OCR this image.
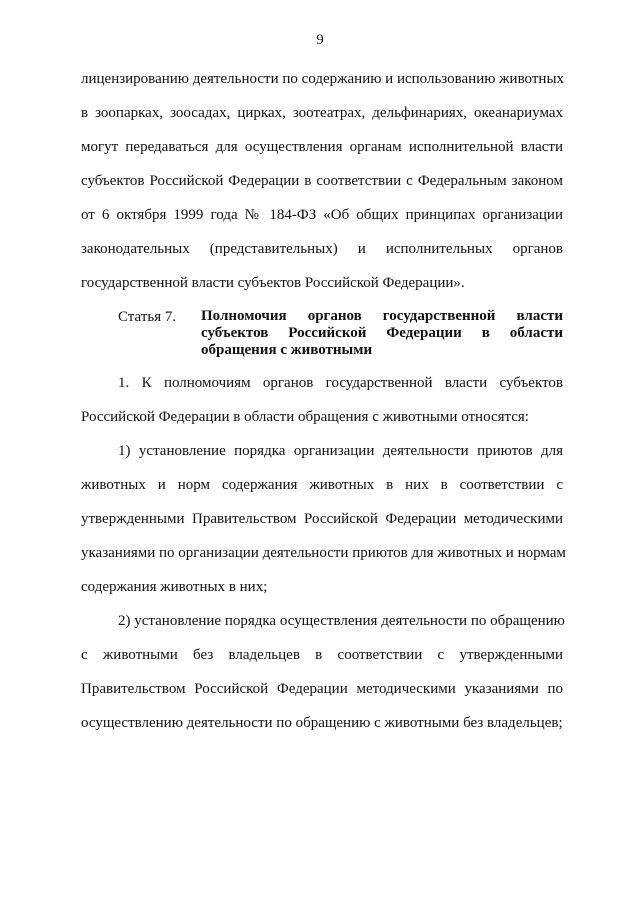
9
лицензированию деятельности по содержанию и использованию животных
в зоопарках, зоосадах, цирках, зоотеатрах, дельфинариях, океанариумах
могут передаваться для осуществления органам исполнительной власти
субъектов Российской Федерации в соответствии с Федеральным законом
от 6 октября 1999 года № 184-ФЗ «Об общих принципах организации
законодательных (представительных) и исполнительных органов
государственной власти субъектов Российской Федерации».
Статья 7. Полномочия органов государственной власти
субъектов Российской Федерации в области
обращения с животными
1. К полномочиям органов государственной власти субъектов
Российской Федерации в области обращения с животными относятся:
1) установление порядка организации деятельности приютов для
животных и норм содержания животных в них в соответствии с
утвержденными Правительством Российской Федерации методическими
указаниями по организации деятельности приютов для животных и нормам
содержания животных в них;
2) установление порядка осуществления деятельности по обращению
с животными без владельцев в соответствии с утвержденными
Правительством Российской Федерации методическими указаниями по
осуществлению деятельности по обращению с животными без владельцев;
